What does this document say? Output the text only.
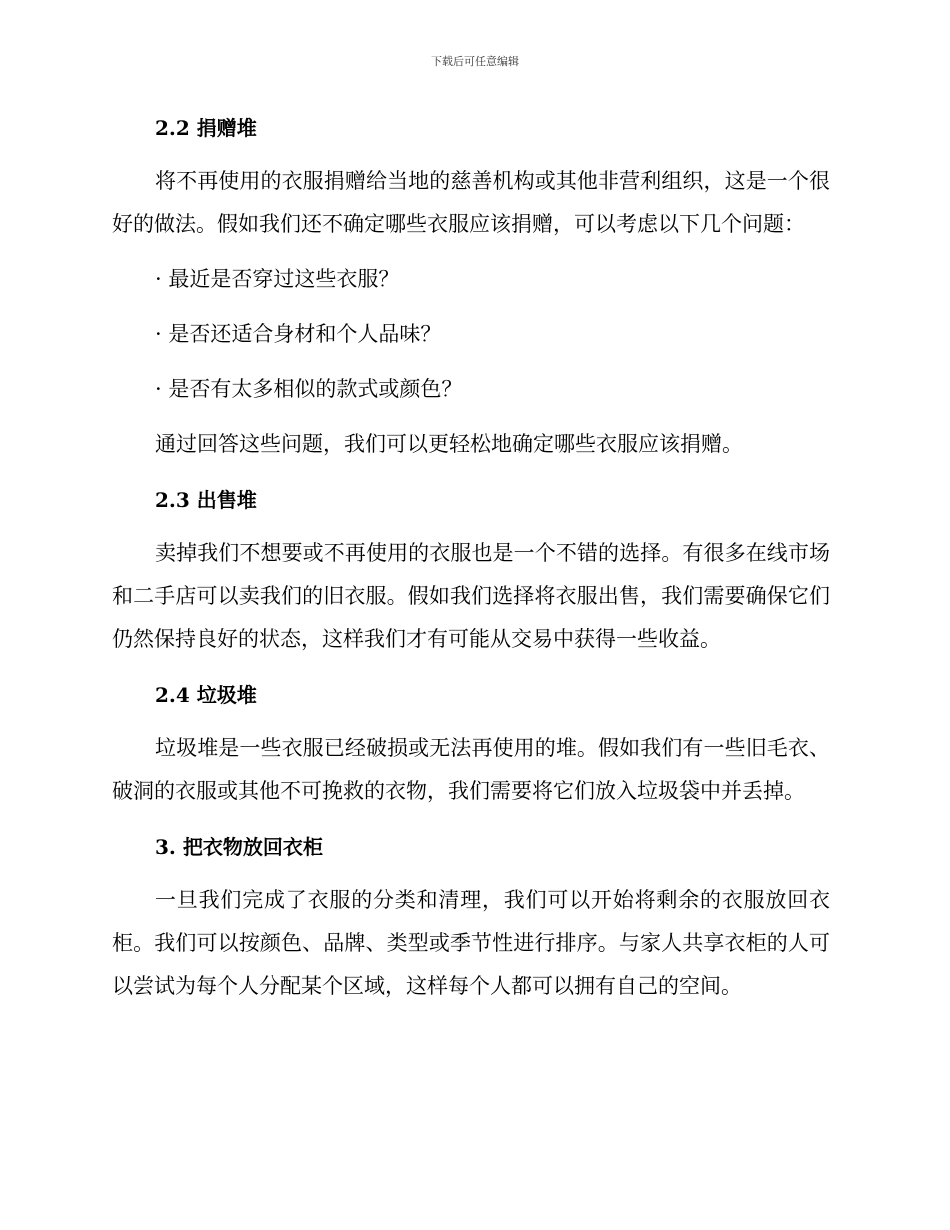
下载后可任意编辑
2.2 捐赠堆

将不再使用的衣服捐赠给当地的慈善机构或其他非营利组织，这是一个很好的做法。假如我们还不确定哪些衣服应该捐赠，可以考虑以下几个问题：

· 最近是否穿过这些衣服？
· 是否还适合身材和个人品味？
· 是否有太多相似的款式或颜色？

通过回答这些问题，我们可以更轻松地确定哪些衣服应该捐赠。

2.3 出售堆

卖掉我们不想要或不再使用的衣服也是一个不错的选择。有很多在线市场和二手店可以卖我们的旧衣服。假如我们选择将衣服出售，我们需要确保它们仍然保持良好的状态，这样我们才有可能从交易中获得一些收益。

2.4 垃圾堆

垃圾堆是一些衣服已经破损或无法再使用的堆。假如我们有一些旧毛衣、破洞的衣服或其他不可挽救的衣物，我们需要将它们放入垃圾袋中并丢掉。

3. 把衣物放回衣柜

一旦我们完成了衣服的分类和清理，我们可以开始将剩余的衣服放回衣柜。我们可以按颜色、品牌、类型或季节性进行排序。与家人共享衣柜的人可以尝试为每个人分配某个区域，这样每个人都可以拥有自己的空间。
